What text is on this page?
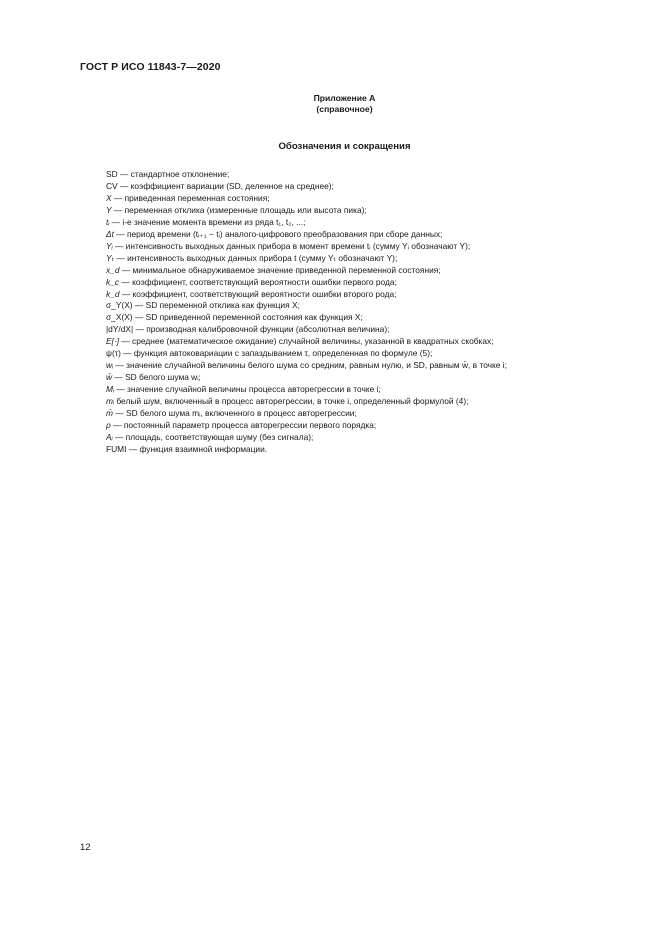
ГОСТ Р ИСО 11843-7—2020
Приложение А
(справочное)
Обозначения и сокращения
SD — стандартное отклонение;
CV — коэффициент вариации (SD, деленное на среднее);
X — приведенная переменная состояния;
Y — переменная отклика (измеренные площадь или высота пика);
tᵢ — i-е значение момента времени из ряда t₁, t₂, ...;
Δt — период времени (tᵢ₊₁ − tᵢ) аналого-цифрового преобразования при сборе данных;
Yᵢ — интенсивность выходных данных прибора в момент времени tᵢ (сумму Yᵢ обозначают Y);
Yₜ — интенсивность выходных данных прибора t (сумму Yₜ обозначают Y);
x_d — минимальное обнаруживаемое значение приведенной переменной состояния;
k_c — коэффициент, соответствующий вероятности ошибки первого рода;
k_d — коэффициент, соответствующий вероятности ошибки второго рода;
σ_Y(X) — SD переменной отклика как функция X;
σ_X(X) — SD приведенной переменной состояния как функция X;
|dY/dX| — производная калибровочной функции (абсолютная величина);
E[·] — среднее (математическое ожидание) случайной величины, указанной в квадратных скобках;
ψ(τ) — функция автоковариации с запаздыванием τ, определенная по формуле (5);
wᵢ — значение случайной величины белого шума со средним, равным нулю, и SD, равным w̄, в точке i;
w̄ — SD белого шума wᵢ;
Mᵢ — значение случайной величины процесса авторегрессии в точке i;
mᵢ белый шум, включенный в процесс авторегрессии, в точке i, определенный формулой (4);
m̄ — SD белого шума mᵢ, включенного в процесс авторегрессии;
ρ — постоянный параметр процесса авторегрессии первого порядка;
Aᵢ — площадь, соответствующая шуму (без сигнала);
FUMI — функция взаимной информации.
12
